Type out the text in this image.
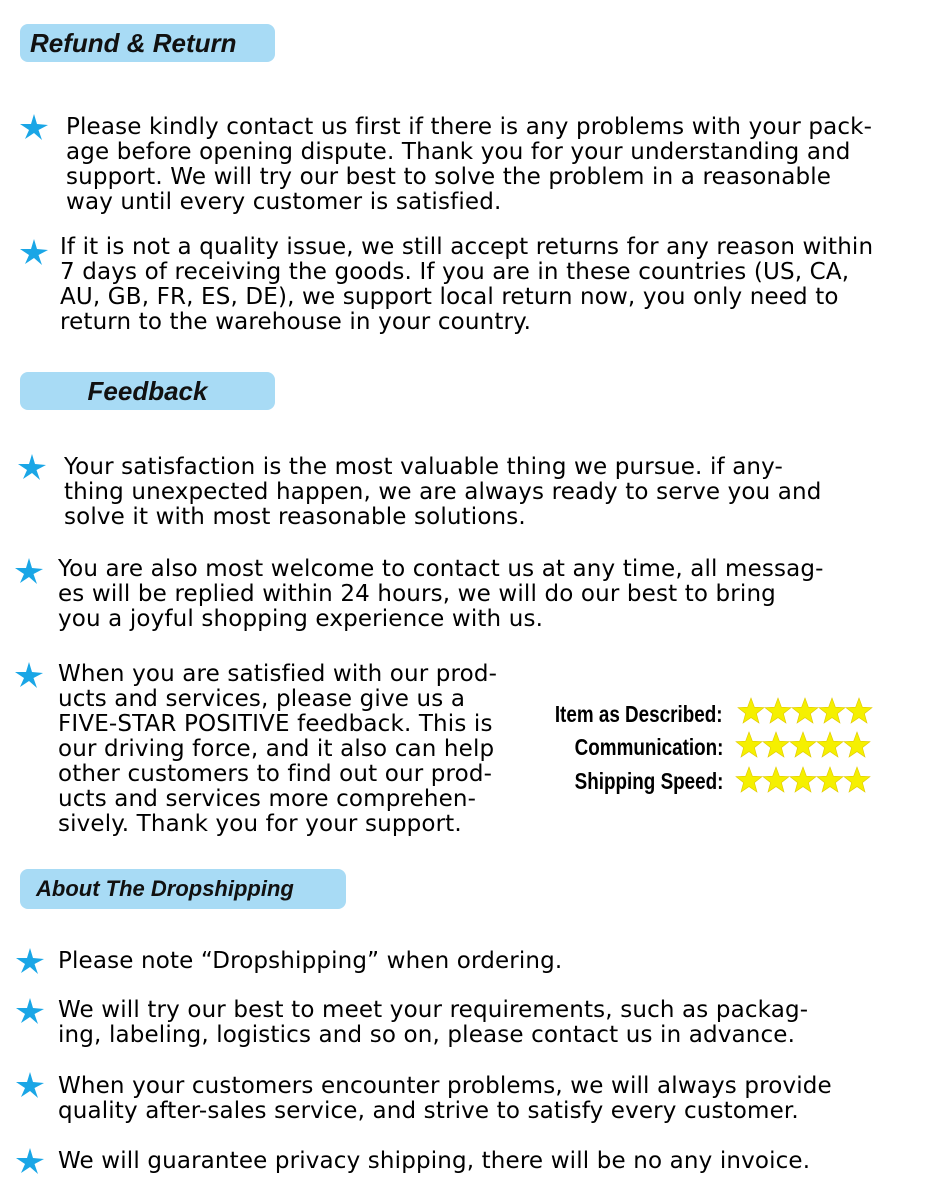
Refund & Return
Please kindly contact us first if there is any problems with your pack-
age before opening dispute. Thank you for your understanding and
support. We will try our best to solve the problem in a reasonable
way until every customer is satisfied.
If it is not a quality issue, we still accept returns for any reason within
7 days of receiving the goods. If you are in these countries (US, CA,
AU, GB, FR, ES, DE), we support local return now, you only need to
return to the warehouse in your country.
Feedback
Your satisfaction is the most valuable thing we pursue. if any-
thing unexpected happen, we are always ready to serve you and
solve it with most reasonable solutions.
You are also most welcome to contact us at any time, all messag-
es will be replied within 24 hours, we will do our best to bring
you a joyful shopping experience with us.
When you are satisfied with our prod-
ucts and services, please give us a
FIVE-STAR POSITIVE feedback. This is
our driving force, and it also can help
other customers to find out our prod-
ucts and services more comprehen-
sively. Thank you for your support.
Item as Described:
Communication:
Shipping Speed:
About The Dropshipping
Please note “Dropshipping” when ordering.
We will try our best to meet your requirements, such as packag-
ing, labeling, logistics and so on, please contact us in advance.
When your customers encounter problems, we will always provide
quality after-sales service, and strive to satisfy every customer.
We will guarantee privacy shipping, there will be no any invoice.
